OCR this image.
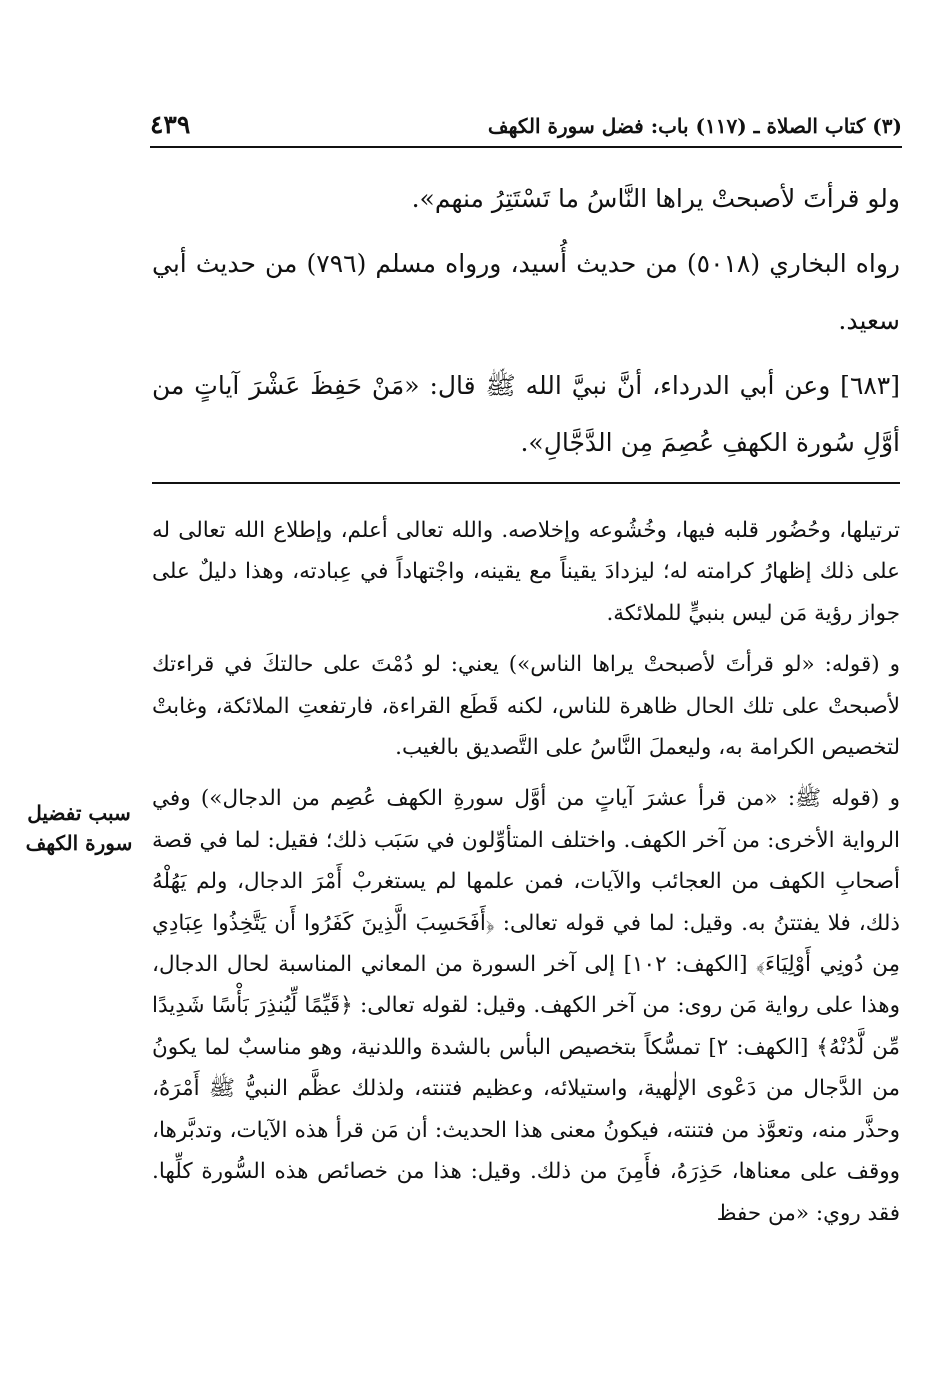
٤٣٩	(٣) كتاب الصلاة ـ (١١٧) باب: فضل سورة الكهف

ولو قرأتَ لأصبحتْ يراها النَّاسُ ما تَسْتَتِرُ منهم».

رواه البخاري (٥٠١٨) من حديث أُسيد، ورواه مسلم (٧٩٦) من حديث أبي سعيد.

[٦٨٣] وعن أبي الدرداء، أنَّ نبيَّ الله ﷺ قال: «مَنْ حَفِظَ عَشْرَ آياتٍ من أوَّلِ سُورة الكهفِ عُصِمَ مِن الدَّجَّالِ».

سبب تفضيل سورة الكهف

ترتيلها، وحُضُور قلبه فيها، وخُشُوعه وإخلاصه. والله تعالى أعلم، وإطلاع الله تعالى له على ذلك إظهارُ كرامته له؛ ليزدادَ يقيناً مع يقينه، واجْتهاداً في عِبادته، وهذا دليلٌ على جواز رؤية مَن ليس بنبيٍّ للملائكة.

و (قوله: «لو قرأتَ لأصبحتْ يراها الناس») يعني: لو دُمْتَ على حالتكَ في قراءتك لأصبحتْ على تلك الحال ظاهرة للناس، لكنه قَطَع القراءة، فارتفعتِ الملائكة، وغابتْ لتخصيص الكرامة به، وليعملَ النَّاسُ على التَّصديق بالغيب.

و (قوله ﷺ: «من قرأ عشرَ آياتٍ من أوَّل سورةِ الكهف عُصِم من الدجال») وفي الرواية الأخرى: من آخر الكهف. واختلف المتأوِّلون في سَبَب ذلك؛ فقيل: لما في قصة أصحابِ الكهف من العجائب والآيات، فمن علمها لم يستغربْ أَمْرَ الدجال، ولم يَهُلْهُ ذلك، فلا يفتتنُ به. وقيل: لما في قوله تعالى: ﴿أَفَحَسِبَ الَّذِينَ كَفَرُوا أَن يَتَّخِذُوا عِبَادِي مِن دُونِي أَوْلِيَاءَ﴾ [الكهف: ١٠٢] إلى آخر السورة من المعاني المناسبة لحال الدجال، وهذا على رواية مَن روى: من آخر الكهف. وقيل: لقوله تعالى: ﴿قَيِّمًا لِّيُنذِرَ بَأْسًا شَدِيدًا مِّن لَّدُنْهُ﴾ [الكهف: ٢] تمسُّكاً بتخصيص البأس بالشدة واللدنية، وهو مناسبٌ لما يكونُ من الدَّجال من دَعْوى الإلٰهية، واستيلائه، وعظيم فتنته، ولذلك عظَّم النبيُّ ﷺ أَمْرَهُ، وحذَّر منه، وتعوَّذ من فتنته، فيكونُ معنى هذا الحديث: أن مَن قرأ هذه الآيات، وتدبَّرها، ووقف على معناها، حَذِرَهُ، فأَمِنَ من ذلك. وقيل: هذا من خصائص هذه السُّورة كلِّها. فقد روي: «من حفظ
